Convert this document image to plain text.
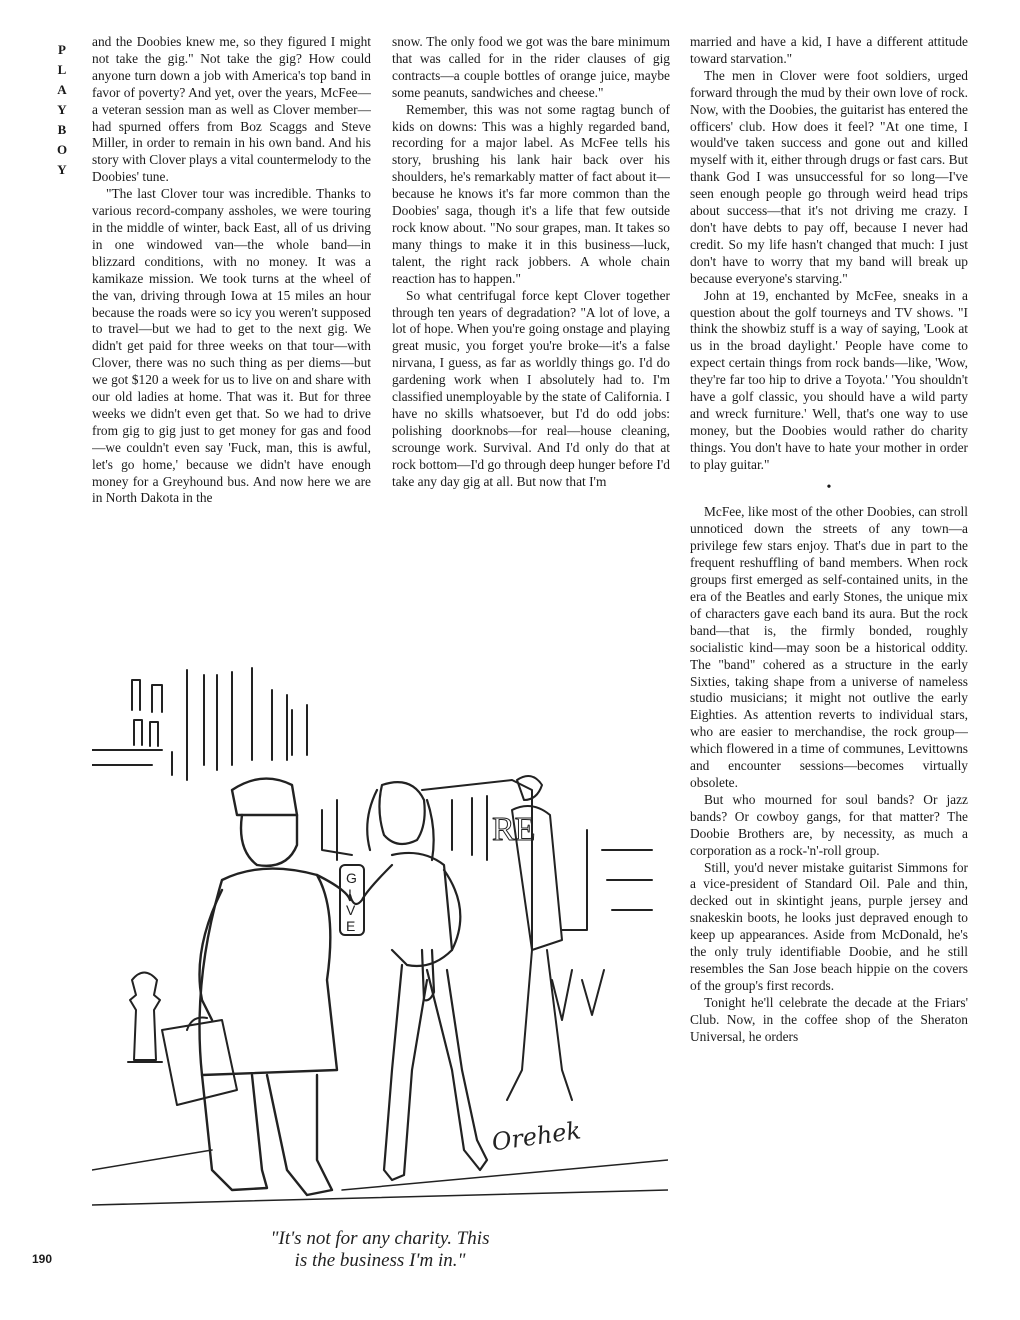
P
L
A
Y
B
O
Y

and the Doobies knew me, so they figured I might not take the gig." Not take the gig? How could anyone turn down a job with America's top band in favor of poverty? And yet, over the years, McFee—a veteran session man as well as Clover member—had spurned offers from Boz Scaggs and Steve Miller, in order to remain in his own band. And his story with Clover plays a vital countermelody to the Doobies' tune.

"The last Clover tour was incredible. Thanks to various record-company assholes, we were touring in the middle of winter, back East, all of us driving in one windowed van—the whole band—in blizzard conditions, with no money. It was a kamikaze mission. We took turns at the wheel of the van, driving through Iowa at 15 miles an hour because the roads were so icy you weren't supposed to travel—but we had to get to the next gig. We didn't get paid for three weeks on that tour—with Clover, there was no such thing as per diems—but we got $120 a week for us to live on and share with our old ladies at home. That was it. But for three weeks we didn't even get that. So we had to drive from gig to gig just to get money for gas and food—we couldn't even say 'Fuck, man, this is awful, let's go home,' because we didn't have enough money for a Greyhound bus. And now here we are in North Dakota in the

snow. The only food we got was the bare minimum that was called for in the rider clauses of gig contracts—a couple bottles of orange juice, maybe some peanuts, sandwiches and cheese."

Remember, this was not some ragtag bunch of kids on downs: This was a highly regarded band, recording for a major label. As McFee tells his story, brushing his lank hair back over his shoulders, he's remarkably matter of fact about it—because he knows it's far more common than the Doobies' saga, though it's a life that few outside rock know about. "No sour grapes, man. It takes so many things to make it in this business—luck, talent, the right rack jobbers. A whole chain reaction has to happen."

So what centrifugal force kept Clover together through ten years of degradation? "A lot of love, a lot of hope. When you're going onstage and playing great music, you forget you're broke—it's a false nirvana, I guess, as far as worldly things go. I'd do gardening work when I absolutely had to. I'm classified unemployable by the state of California. I have no skills whatsoever, but I'd do odd jobs: polishing doorknobs—for real—house cleaning, scrounge work. Survival. And I'd only do that at rock bottom—I'd go through deep hunger before I'd take any day gig at all. But now that I'm

married and have a kid, I have a different attitude toward starvation."

The men in Clover were foot soldiers, urged forward through the mud by their own love of rock. Now, with the Doobies, the guitarist has entered the officers' club. How does it feel? "At one time, I would've taken success and gone out and killed myself with it, either through drugs or fast cars. But thank God I was unsuccessful for so long—I've seen enough people go through weird head trips about success—that it's not driving me crazy. I don't have debts to pay off, because I never had credit. So my life hasn't changed that much: I just don't have to worry that my band will break up because everyone's starving."

John at 19, enchanted by McFee, sneaks in a question about the golf tourneys and TV shows. "I think the showbiz stuff is a way of saying, 'Look at us in the broad daylight.' People have come to expect certain things from rock bands—like, 'Wow, they're far too hip to drive a Toyota.' 'You shouldn't have a golf classic, you should have a wild party and wreck furniture.' Well, that's one way to use money, but the Doobies would rather do charity things. You don't have to hate your mother in order to play guitar."

•

McFee, like most of the other Doobies, can stroll unnoticed down the streets of any town—a privilege few stars enjoy. That's due in part to the frequent reshuffling of band members. When rock groups first emerged as self-contained units, in the era of the Beatles and early Stones, the unique mix of characters gave each band its aura. But the rock band—that is, the firmly bonded, roughly socialistic kind—may soon be a historical oddity. The "band" cohered as a structure in the early Sixties, taking shape from a universe of nameless studio musicians; it might not outlive the early Eighties. As attention reverts to individual stars, who are easier to merchandise, the rock group—which flowered in a time of communes, Levittowns and encounter sessions—becomes virtually obsolete.

But who mourned for soul bands? Or jazz bands? Or cowboy gangs, for that matter? The Doobie Brothers are, by necessity, as much a corporation as a rock-'n'-roll group.

Still, you'd never mistake guitarist Simmons for a vice-president of Standard Oil. Pale and thin, decked out in skintight jeans, purple jersey and snakeskin boots, he looks just depraved enough to keep up appearances. Aside from McDonald, he's the only truly identifiable Doobie, and he still resembles the San Jose beach hippie on the covers of the group's first records.

Tonight he'll celebrate the decade at the Friars' Club. Now, in the coffee shop of the Sheraton Universal, he orders

RE
G
I
V
E
Orehek
"It's not for any charity. This
is the business I'm in."
190
